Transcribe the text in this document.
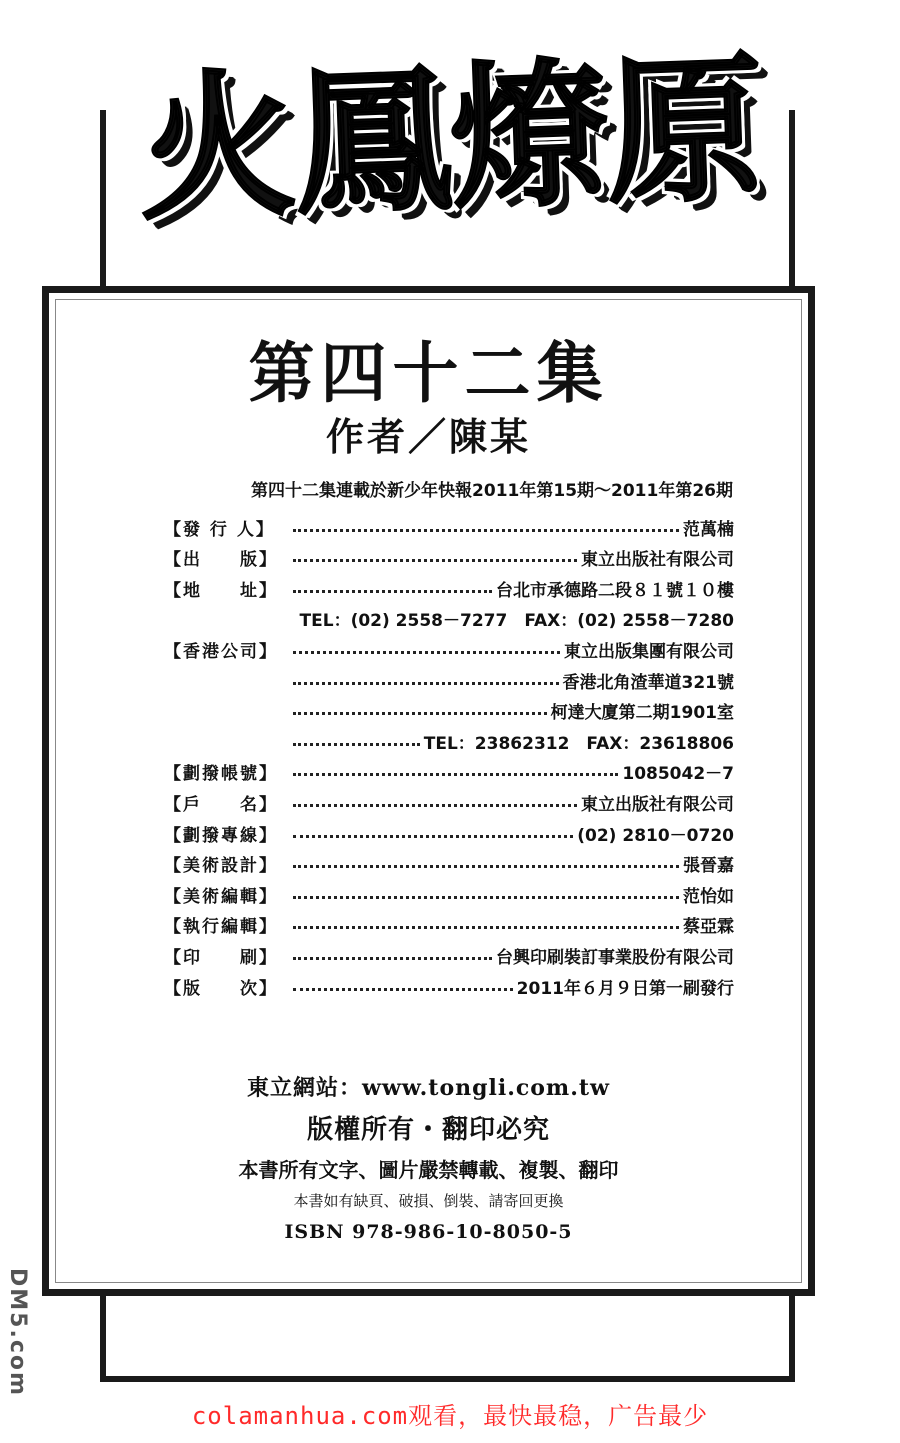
火鳳燎原
第四十二集
作者／陳某
第四十二集連載於新少年快報2011年第15期～2011年第26期
【發 行 人】	范萬楠
【出　　版】	東立出版社有限公司
【地　　址】	台北市承德路二段８１號１０樓
TEL：(02) 2558－7277　FAX：(02) 2558－7280
【香港公司】	東立出版集團有限公司
香港北角渣華道321號
柯達大廈第二期1901室
TEL：23862312　FAX：23618806
【劃撥帳號】	1085042－7
【戶　　名】	東立出版社有限公司
【劃撥專線】	(02) 2810－0720
【美術設計】	張晉嘉
【美術編輯】	范怡如
【執行編輯】	蔡亞霖
【印　　刷】	台興印刷裝訂事業股份有限公司
【版　　次】	2011年６月９日第一刷發行
東立網站：www.tongli.com.tw
版權所有・翻印必究
本書所有文字、圖片嚴禁轉載、複製、翻印
本書如有缺頁、破損、倒裝、請寄回更換
ISBN 978-986-10-8050-5
DM5.com
colamanhua.com观看，最快最稳，广告最少
